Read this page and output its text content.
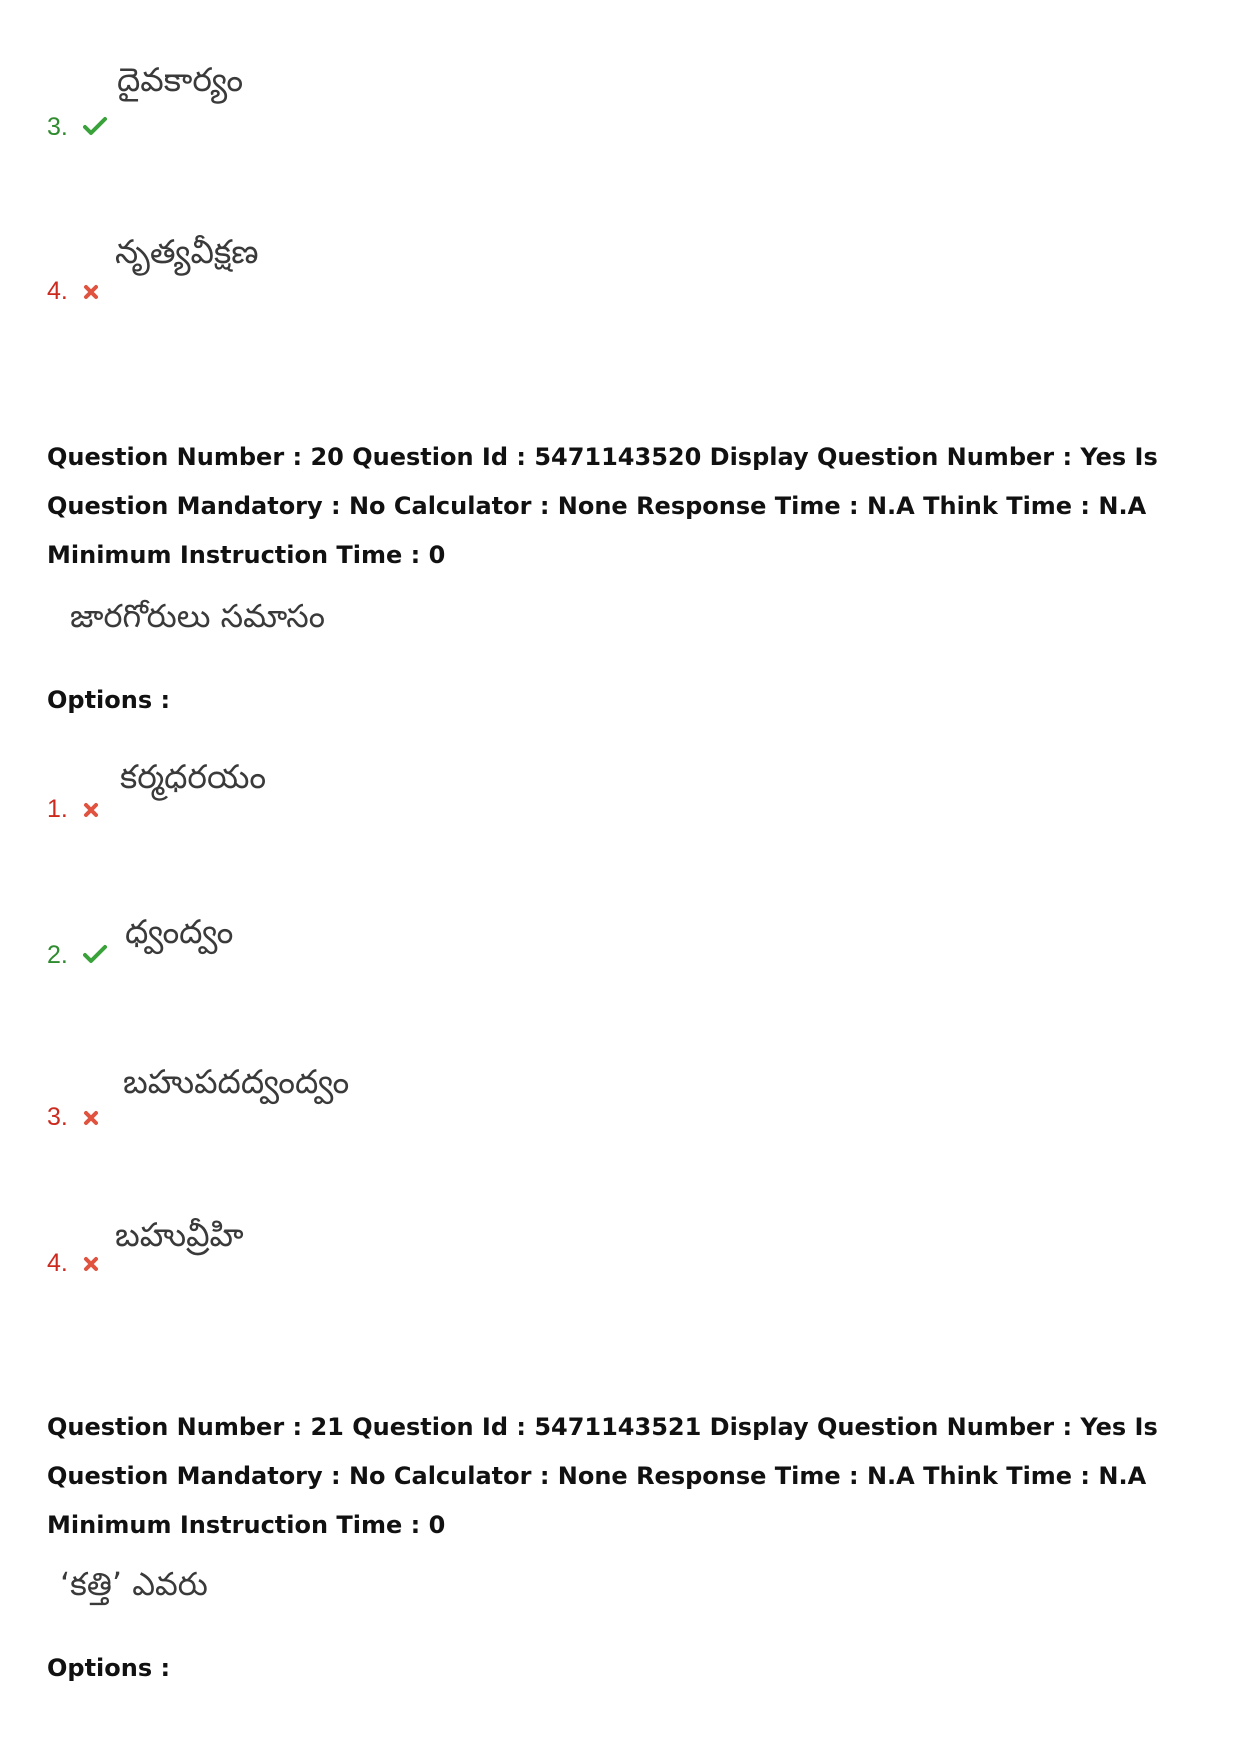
దైవకార్యం
3.
నృత్యవీక్షణ
4.
Question Number : 20 Question Id : 5471143520 Display Question Number : Yes Is Question Mandatory : No Calculator : None Response Time : N.A Think Time : N.A Minimum Instruction Time : 0
జారగోరులు సమాసం
Options :
కర్మధరయం
1.
ధ్వంద్వం
2.
బహుపదద్వంద్వం
3.
బహువ్రీహి
4.
Question Number : 21 Question Id : 5471143521 Display Question Number : Yes Is Question Mandatory : No Calculator : None Response Time : N.A Think Time : N.A Minimum Instruction Time : 0
‘కత్తి’ ఎవరు
Options :
